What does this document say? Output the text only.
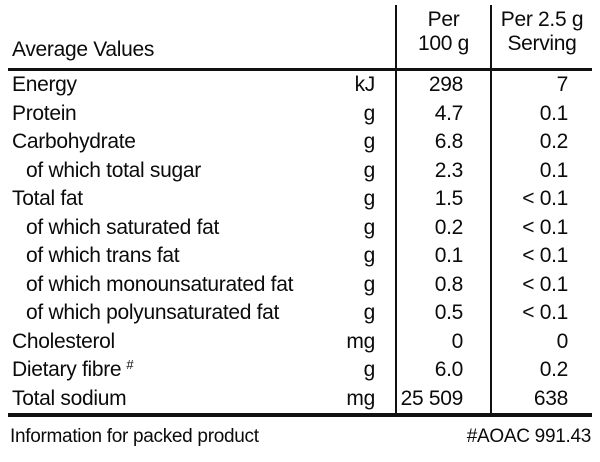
Average Values
Per
100 g
Per 2.5 g
Serving
Energy	kJ	298	7
Protein	g	4.7	0.1
Carbohydrate	g	6.8	0.2
of which total sugar	g	2.3	0.1
Total fat	g	1.5	< 0.1
of which saturated fat	g	0.2	< 0.1
of which trans fat	g	0.1	< 0.1
of which monounsaturated fat	g	0.8	< 0.1
of which polyunsaturated fat	g	0.5	< 0.1
Cholesterol	mg	0	0
Dietary fibre #	g	6.0	0.2
Total sodium	mg	25 509	638
Information for packed product	#AOAC 991.43
